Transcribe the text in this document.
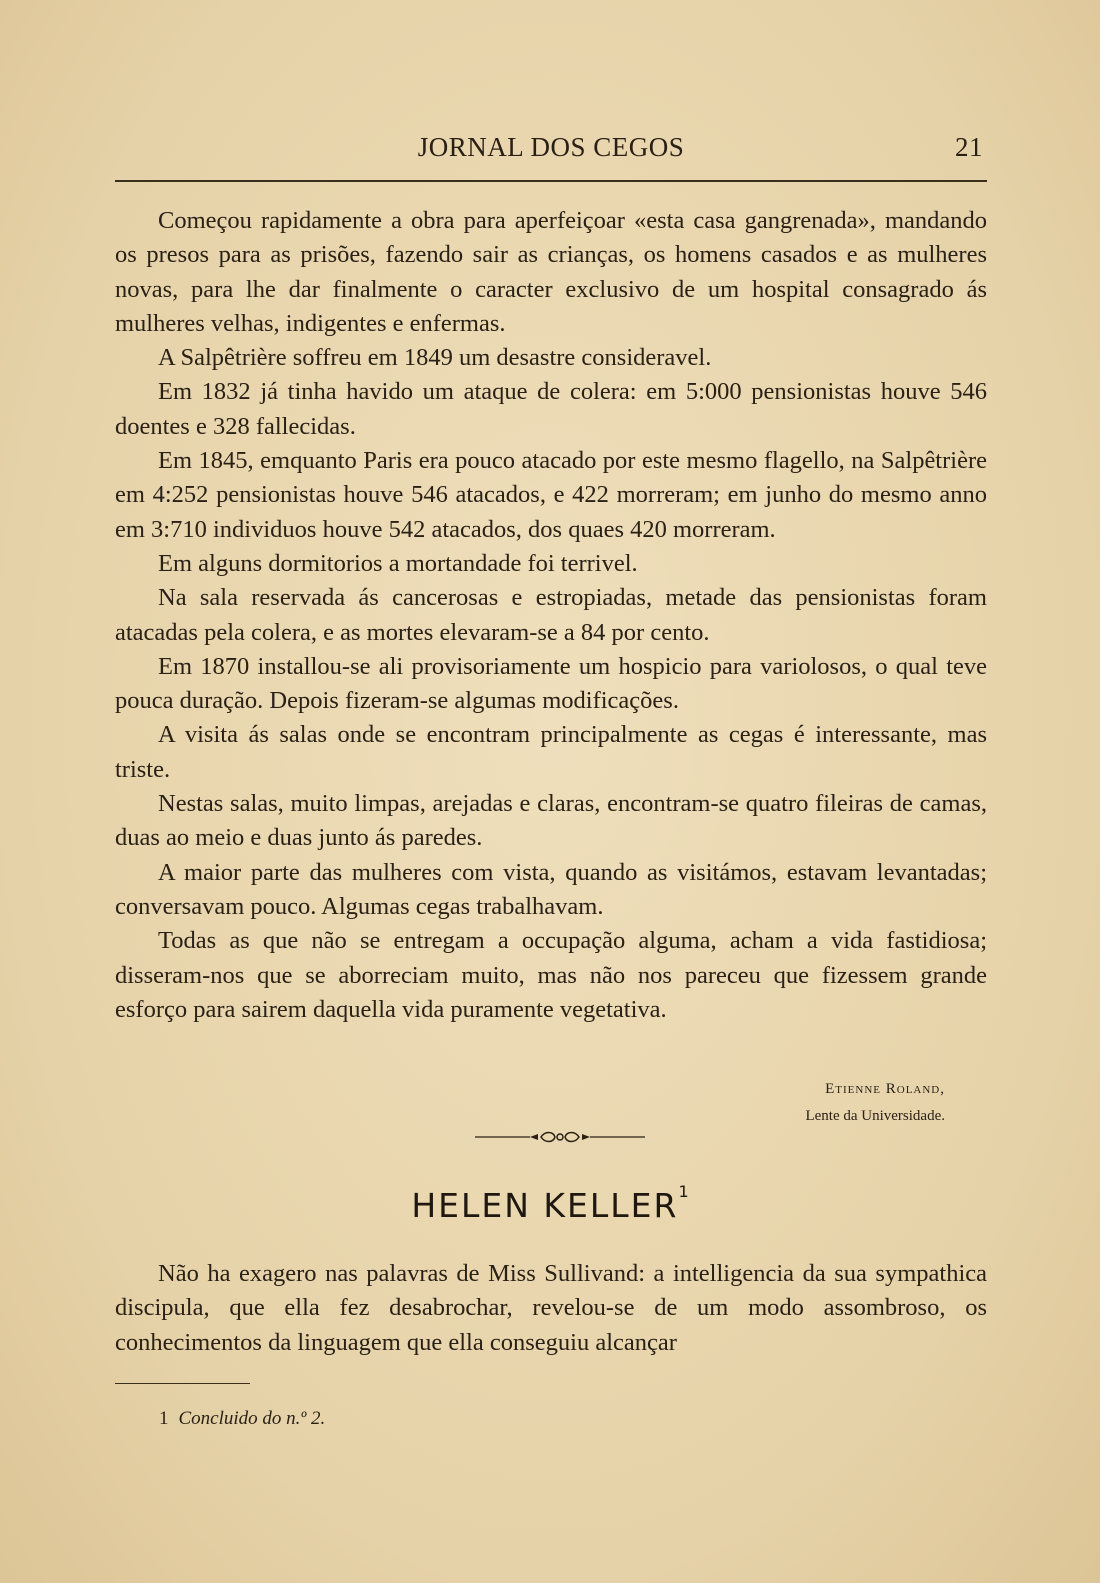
JORNAL DOS CEGOS	21

Começou rapidamente a obra para aperfeiçoar «esta casa gangrenada», mandando os presos para as prisões, fazendo sair as crianças, os homens casados e as mulheres novas, para lhe dar finalmente o caracter exclusivo de um hospital consagrado ás mulheres velhas, indigentes e enfermas.

A Salpêtrière soffreu em 1849 um desastre consideravel.

Em 1832 já tinha havido um ataque de colera: em 5:000 pensionistas houve 546 doentes e 328 fallecidas.

Em 1845, emquanto Paris era pouco atacado por este mesmo flagello, na Salpêtrière em 4:252 pensionistas houve 546 atacados, e 422 morreram; em junho do mesmo anno em 3:710 individuos houve 542 atacados, dos quaes 420 morreram.

Em alguns dormitorios a mortandade foi terrivel.

Na sala reservada ás cancerosas e estropiadas, metade das pensionistas foram atacadas pela colera, e as mortes elevaram-se a 84 por cento.

Em 1870 installou-se ali provisoriamente um hospicio para variolosos, o qual teve pouca duração. Depois fizeram-se algumas modificações.

A visita ás salas onde se encontram principalmente as cegas é interessante, mas triste.

Nestas salas, muito limpas, arejadas e claras, encontram-se quatro fileiras de camas, duas ao meio e duas junto ás paredes.

A maior parte das mulheres com vista, quando as visitámos, estavam levantadas; conversavam pouco. Algumas cegas trabalhavam.

Todas as que não se entregam a occupação alguma, acham a vida fastidiosa; disseram-nos que se aborreciam muito, mas não nos pareceu que fizessem grande esforço para sairem daquella vida puramente vegetativa.

Etienne Roland,
Lente da Universidade.
HELEN KELLER$^1$

Não ha exagero nas palavras de Miss Sullivand: a intelligencia da sua sympathica discipula, que ella fez desabrochar, revelou-se de um modo assombroso, os conhecimentos da linguagem que ella conseguiu alcançar

1 Concluido do n.º 2.
